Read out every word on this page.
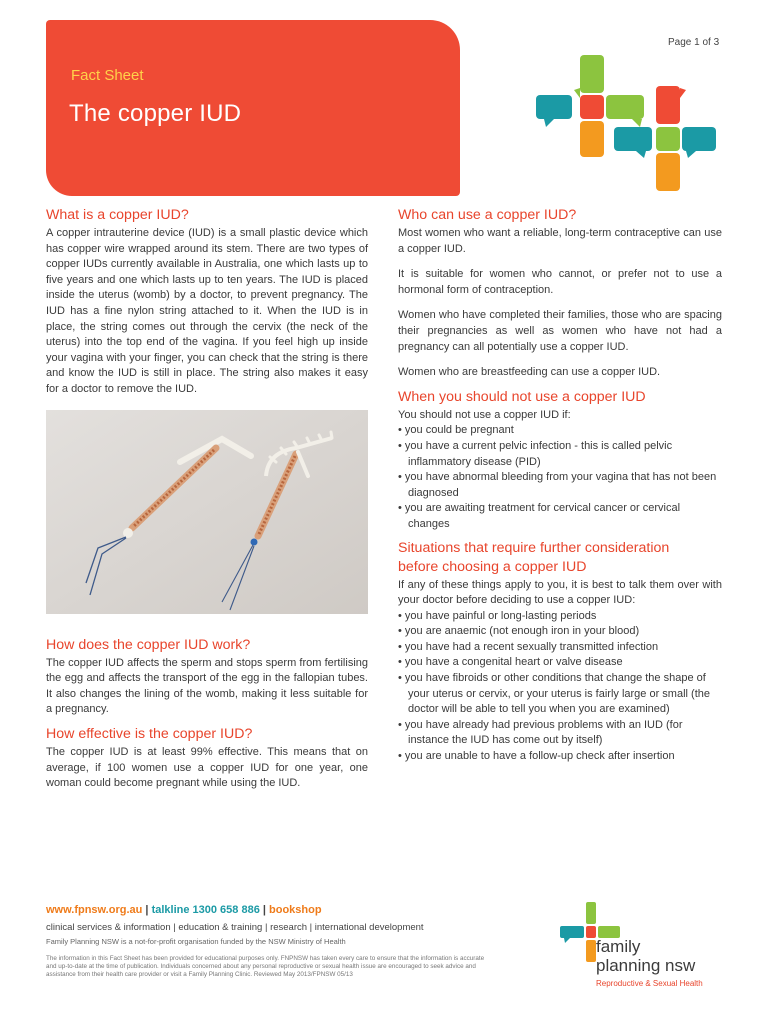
Page 1 of 3
Fact Sheet
The copper IUD
What is a copper IUD?

A copper intrauterine device (IUD) is a small plastic device which has copper wire wrapped around its stem. There are two types of copper IUDs currently available in Australia, one which lasts up to five years and one which lasts up to ten years. The IUD is placed inside the uterus (womb) by a doctor, to prevent pregnancy. The IUD has a fine nylon string attached to it. When the IUD is in place, the string comes out through the cervix (the neck of the uterus) into the top end of the vagina. If you feel high up inside your vagina with your finger, you can check that the string is there and know the IUD is still in place. The string also makes it easy for a doctor to remove the IUD.

How does the copper IUD work?

The copper IUD affects the sperm and stops sperm from fertilising the egg and affects the transport of the egg in the fallopian tubes. It also changes the lining of the womb, making it less suitable for a pregnancy.

How effective is the copper IUD?

The copper IUD is at least 99% effective. This means that on average, if 100 women use a copper IUD for one year, one woman could become pregnant while using the IUD.

Who can use a copper IUD?

Most women who want a reliable, long-term contraceptive can use a copper IUD.

It is suitable for women who cannot, or prefer not to use a hormonal form of contraception.

Women who have completed their families, those who are spacing their pregnancies as well as women who have not had a pregnancy can all potentially use a copper IUD.

Women who are breastfeeding can use a copper IUD.

When you should not use a copper IUD

You should not use a copper IUD if:

• you could be pregnant
• you have a current pelvic infection - this is called pelvic inflammatory disease (PID)
• you have abnormal bleeding from your vagina that has not been diagnosed
• you are awaiting treatment for cervical cancer or cervical changes
Situations that require further consideration
before choosing a copper IUD

If any of these things apply to you, it is best to talk them over with your doctor before deciding to use a copper IUD:

• you have painful or long-lasting periods
• you are anaemic (not enough iron in your blood)
• you have had a recent sexually transmitted infection
• you have a congenital heart or valve disease
• you have fibroids or other conditions that change the shape of your uterus or cervix, or your uterus is fairly large or small (the doctor will be able to tell you when you are examined)
• you have already had previous problems with an IUD (for instance the IUD has come out by itself)
• you are unable to have a follow-up check after insertion
www.fpnsw.org.au | talkline 1300 658 886 | bookshop
clinical services & information | education & training | research | international development
Family Planning NSW is a not-for-profit organisation funded by the NSW Ministry of Health
The information in this Fact Sheet has been provided for educational purposes only. FNPNSW has taken every care to ensure that the information is accurate and up-to-date at the time of publication. Individuals concerned about any personal reproductive or sexual health issue are encouraged to seek advice and assistance from their health care provider or visit a Family Planning Clinic. Reviewed May 2013/FPNSW 05/13
family
planning nsw
Reproductive & Sexual Health
